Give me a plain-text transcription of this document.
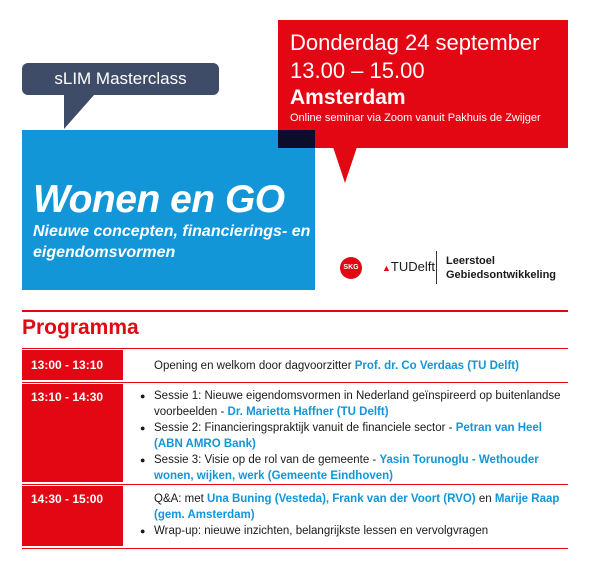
sLIM Masterclass
Donderdag 24 september
13.00 – 15.00
Amsterdam
Online seminar via Zoom vanuit Pakhuis de Zwijger
Wonen en GO
Nieuwe concepten, financierings- en eigendomsvormen
SKG	▲TUDelft Leerstoel
Gebiedsontwikkeling
Programma
13:00 - 13:10	Opening en welkom door dagvoorzitter Prof. dr. Co Verdaas (TU Delft)
13:10 - 14:30
●	Sessie 1: Nieuwe eigendomsvormen in Nederland geïnspireerd op buitenlandse voorbeelden - Dr. Marietta Haffner (TU Delft)
● Sessie 2: Financieringspraktijk vanuit de financiele sector - Petran van Heel (ABN AMRO Bank)
● Sessie 3: Visie op de rol van de gemeente - Yasin Torunoglu - Wethouder wonen, wijken, werk (Gemeente Eindhoven)
14:30 - 15:00	Q&A: met Una Buning (Vesteda), Frank van der Voort (RVO) en Marije Raap (gem. Amsterdam)
● Wrap-up: nieuwe inzichten, belangrijkste lessen en vervolgvragen
